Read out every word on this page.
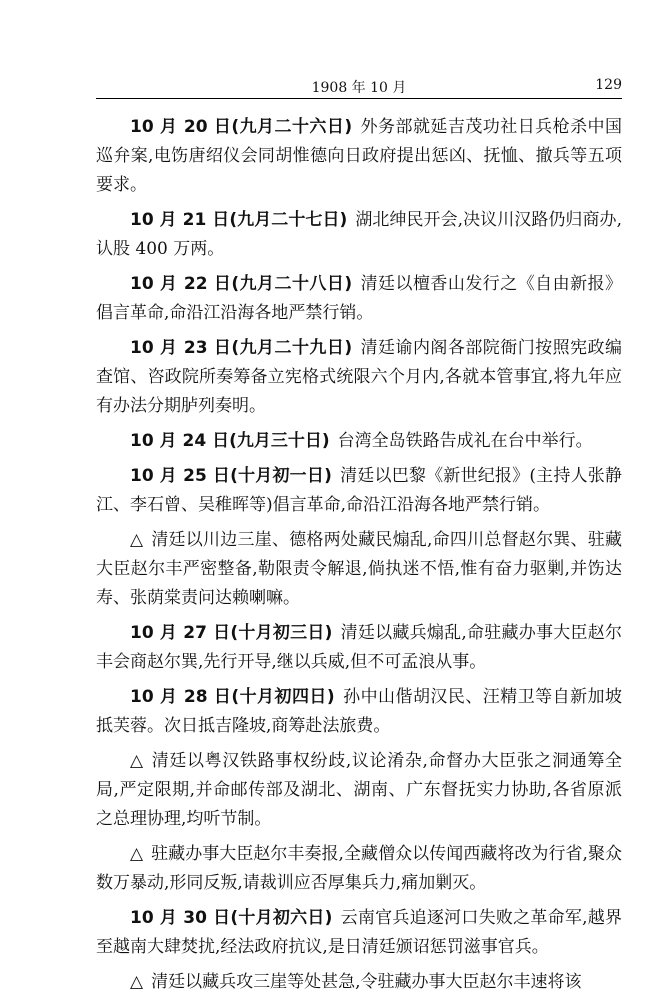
1908 年 10 月	129

10 月 20 日(九月二十六日) 外务部就延吉茂功社日兵枪杀中国巡弁案,电饬唐绍仪会同胡惟德向日政府提出惩凶、抚恤、撤兵等五项要求。

10 月 21 日(九月二十七日) 湖北绅民开会,决议川汉路仍归商办,认股 400 万两。

10 月 22 日(九月二十八日) 清廷以檀香山发行之《自由新报》倡言革命,命沿江沿海各地严禁行销。

10 月 23 日(九月二十九日) 清廷谕内阁各部院衙门按照宪政编查馆、咨政院所奏筹备立宪格式统限六个月内,各就本管事宜,将九年应有办法分期胪列奏明。

10 月 24 日(九月三十日) 台湾全岛铁路告成礼在台中举行。

10 月 25 日(十月初一日) 清廷以巴黎《新世纪报》(主持人张静江、李石曾、吴稚晖等)倡言革命,命沿江沿海各地严禁行销。

△ 清廷以川边三崖、德格两处藏民煽乱,命四川总督赵尔巽、驻藏大臣赵尔丰严密整备,勒限责令解退,倘执迷不悟,惟有奋力驱剿,并饬达寿、张荫棠责问达赖喇嘛。

10 月 27 日(十月初三日) 清廷以藏兵煽乱,命驻藏办事大臣赵尔丰会商赵尔巽,先行开导,继以兵威,但不可孟浪从事。

10 月 28 日(十月初四日) 孙中山偕胡汉民、汪精卫等自新加坡抵芙蓉。次日抵吉隆坡,商筹赴法旅费。

△ 清廷以粤汉铁路事权纷歧,议论淆杂,命督办大臣张之洞通筹全局,严定限期,并命邮传部及湖北、湖南、广东督抚实力协助,各省原派之总理协理,均听节制。

△ 驻藏办事大臣赵尔丰奏报,全藏僧众以传闻西藏将改为行省,聚众数万暴动,形同反叛,请裁训应否厚集兵力,痛加剿灭。

10 月 30 日(十月初六日) 云南官兵追逐河口失败之革命军,越界至越南大肆焚扰,经法政府抗议,是日清廷颁诏惩罚滋事官兵。

△ 清廷以藏兵攻三崖等处甚急,令驻藏办事大臣赵尔丰速将该
